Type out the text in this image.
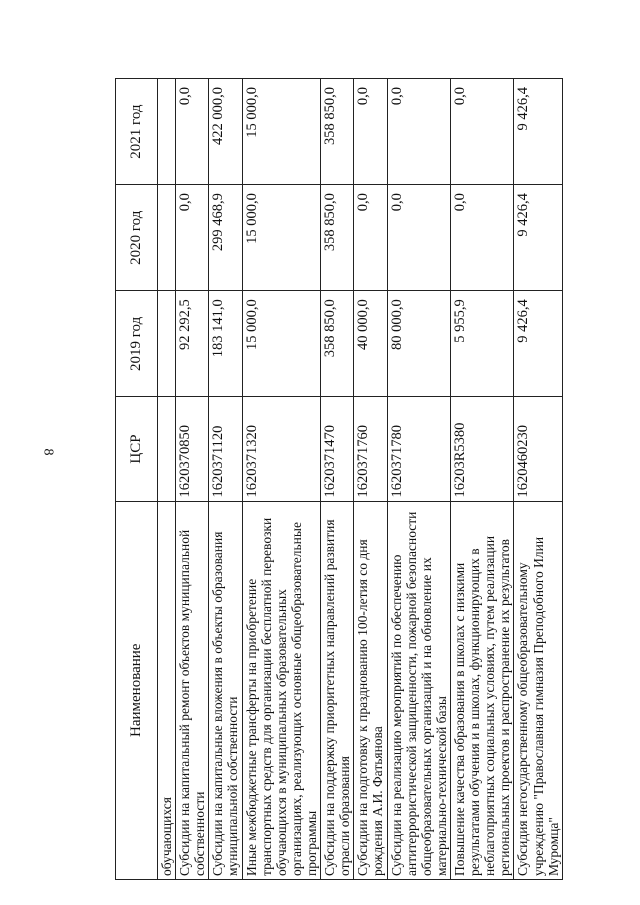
8
Наименование	ЦСР	2019 год	2020 год	2021 год
обучающихся				
Субсидии на капитальный ремонт объектов муниципальной собственности	1620370850	92 292,5	0,0	0,0
Субсидии на капитальные вложения в объекты образования муниципальной собственности	1620371120	183 141,0	299 468,9	422 000,0
Иные межбюджетные трансферты на приобретение транспортных средств для организации бесплатной перевозки обучающихся в муниципальных образовательных организациях, реализующих основные общеобразовательные программы	1620371320	15 000,0	15 000,0	15 000,0
Субсидии на поддержку приоритетных направлений развития отрасли образования	1620371470	358 850,0	358 850,0	358 850,0
Субсидии на подготовку к празднованию 100-летия со дня рождения А.И. Фатьянова	1620371760	40 000,0	0,0	0,0
Субсидии на реализацию мероприятий по обеспечению антитеррористической защищенности, пожарной безопасности общеобразовательных организаций и на обновление их материально-технической базы	1620371780	80 000,0	0,0	0,0
Повышение качества образования в школах с низкими результатами обучения и в школах, функционирующих в неблагоприятных социальных условиях, путем реализации региональных проектов и распространение их результатов	16203R5380	5 955,9	0,0	0,0
Субсидия негосударственному общеобразовательному учреждению "Православная гимназия Преподобного Илии Муромца"	1620460230	9 426,4	9 426,4	9 426,4
